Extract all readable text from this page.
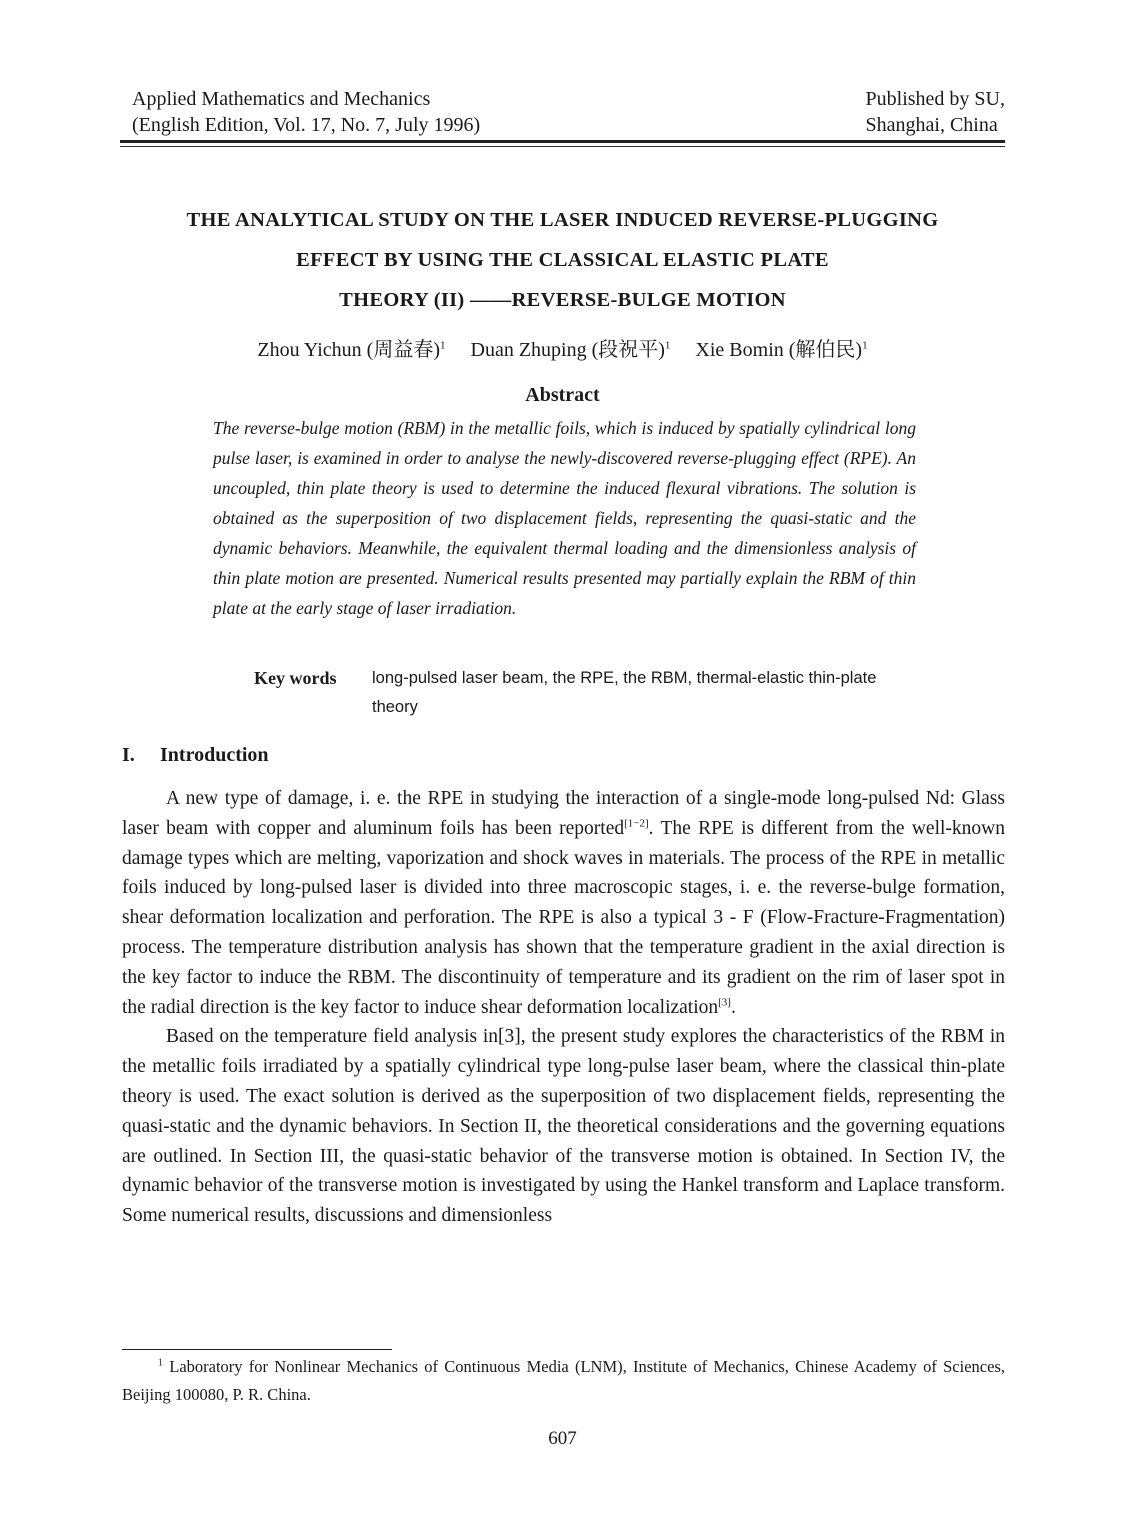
Applied Mathematics and Mechanics
(English Edition, Vol. 17, No. 7, July 1996)
Published by SU,
Shanghai, China
THE ANALYTICAL STUDY ON THE LASER INDUCED REVERSE-PLUGGING
EFFECT BY USING THE CLASSICAL ELASTIC PLATE
THEORY (II) ——REVERSE-BULGE MOTION
Zhou Yichun (周益春)$^1$ Duan Zhuping (段祝平)$^1$ Xie Bomin (解伯民)$^1$
Abstract
The reverse-bulge motion (RBM) in the metallic foils, which is induced by spatially cylindrical long pulse laser, is examined in order to analyse the newly-discovered reverse-plugging effect (RPE). An uncoupled, thin plate theory is used to determine the induced flexural vibrations. The solution is obtained as the superposition of two displacement fields, representing the quasi-static and the dynamic behaviors. Meanwhile, the equivalent thermal loading and the dimensionless analysis of thin plate motion are presented. Numerical results presented may partially explain the RBM of thin plate at the early stage of laser irradiation.
Key words long-pulsed laser beam, the RPE, the RBM, thermal-elastic thin-plate theory
I. Introduction

A new type of damage, i. e. the RPE in studying the interaction of a single-mode long-pulsed Nd: Glass laser beam with copper and aluminum foils has been reported[1−2]. The RPE is different from the well-known damage types which are melting, vaporization and shock waves in materials. The process of the RPE in metallic foils induced by long-pulsed laser is divided into three macroscopic stages, i. e. the reverse-bulge formation, shear deformation localization and perforation. The RPE is also a typical 3 - F (Flow-Fracture-Fragmentation) process. The temperature distribution analysis has shown that the temperature gradient in the axial direction is the key factor to induce the RBM. The discontinuity of temperature and its gradient on the rim of laser spot in the radial direction is the key factor to induce shear deformation localization[3].

Based on the temperature field analysis in[3], the present study explores the characteristics of the RBM in the metallic foils irradiated by a spatially cylindrical type long-pulse laser beam, where the classical thin-plate theory is used. The exact solution is derived as the superposition of two displacement fields, representing the quasi-static and the dynamic behaviors. In Section II, the theoretical considerations and the governing equations are outlined. In Section III, the quasi-static behavior of the transverse motion is obtained. In Section IV, the dynamic behavior of the transverse motion is investigated by using the Hankel transform and Laplace transform. Some numerical results, discussions and dimensionless

$^1$ Laboratory for Nonlinear Mechanics of Continuous Media (LNM), Institute of Mechanics, Chinese Academy of Sciences, Beijing 100080, P. R. China.
607
